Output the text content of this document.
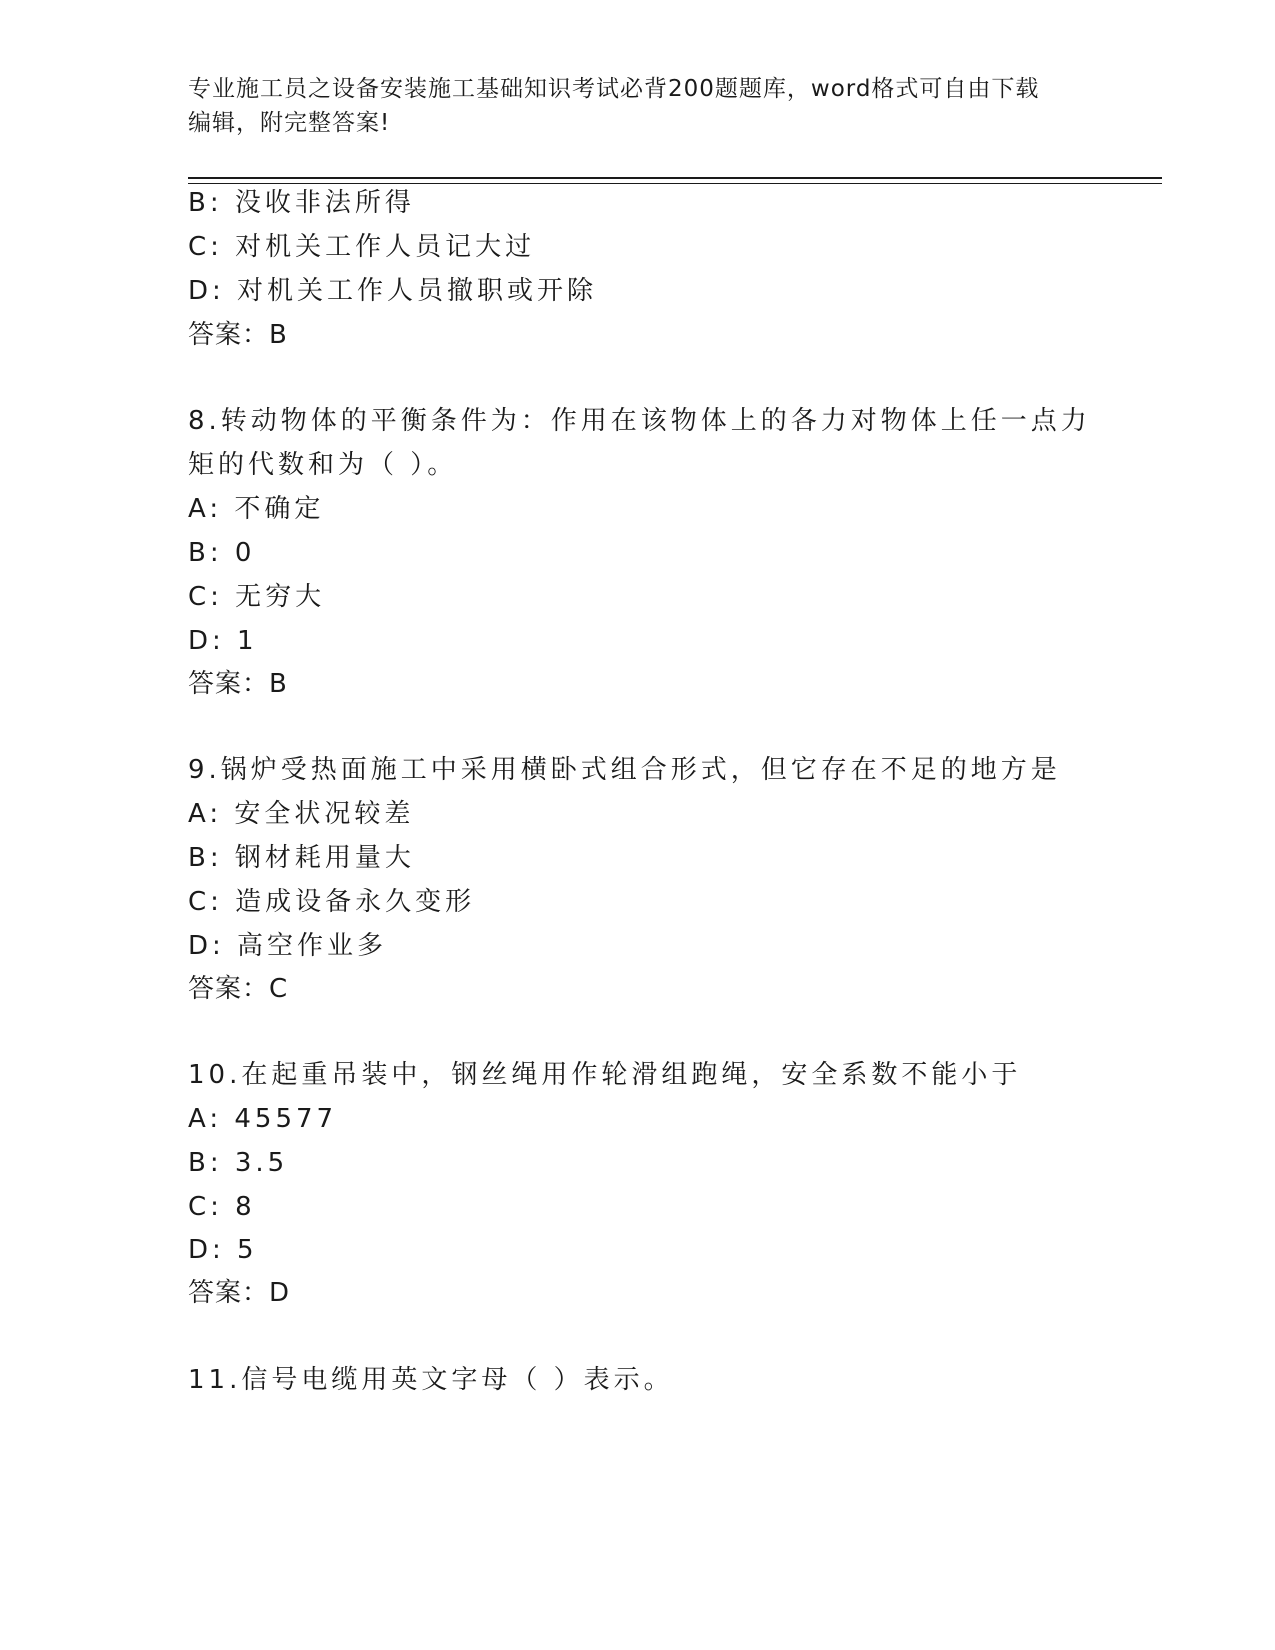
专业施工员之设备安装施工基础知识考试必背200题题库，word格式可自由下载
编辑，附完整答案!
B: 没收非法所得
C: 对机关工作人员记大过
D: 对机关工作人员撤职或开除
答案：B
8.转动物体的平衡条件为：作用在该物体上的各力对物体上任一点力
矩的代数和为（ ）。
A: 不确定
B: 0
C: 无穷大
D: 1
答案：B
9.锅炉受热面施工中采用横卧式组合形式，但它存在不足的地方是
A: 安全状况较差
B: 钢材耗用量大
C: 造成设备永久变形
D: 高空作业多
答案：C
10.在起重吊装中，钢丝绳用作轮滑组跑绳，安全系数不能小于
A: 45577
B: 3.5
C: 8
D: 5
答案：D
11.信号电缆用英文字母（ ）表示。
